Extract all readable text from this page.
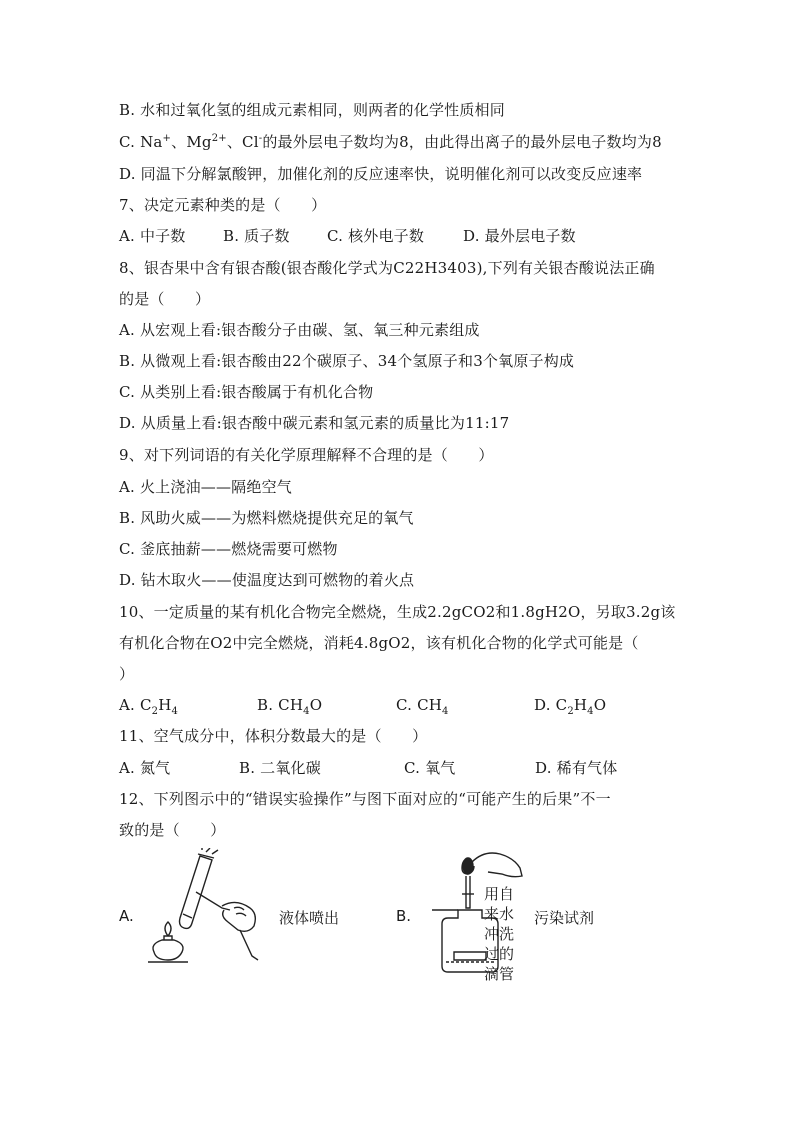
B. 水和过氧化氢的组成元素相同，则两者的化学性质相同
C. Na+、$Mg^{2+}$、Cl-的最外层电子数均为8，由此得出离子的最外层电子数均为8
D. 同温下分解氯酸钾，加催化剂的反应速率快，说明催化剂可以改变反应速率
7、决定元素种类的是（　　）
A. 中子数 B. 质子数 C. 核外电子数	D. 最外层电子数
8、银杏果中含有银杏酸(银杏酸化学式为C22H3403),下列有关银杏酸说法正确
的是（　　）
A. 从宏观上看:银杏酸分子由碳、氢、氧三种元素组成
B. 从微观上看:银杏酸由22个碳原子、34个氢原子和3个氧原子构成
C. 从类别上看:银杏酸属于有机化合物
D. 从质量上看:银杏酸中碳元素和氢元素的质量比为11:17
9、对下列词语的有关化学原理解释不合理的是（　　）
A. 火上浇油——隔绝空气
B. 风助火威——为燃料燃烧提供充足的氧气
C. 釜底抽薪——燃烧需要可燃物
D. 钻木取火——使温度达到可燃物的着火点
10、一定质量的某有机化合物完全燃烧，生成2.2gCO2和1.8gH2O，另取3.2g该
有机化合物在O2中完全燃烧，消耗4.8gO2，该有机化合物的化学式可能是（
）
A. $C_2H_4$	B. $CH_4O$	C. $CH_4$	D. $C_2H_4O$
11、空气成分中，体积分数最大的是（　　）
A. 氮气	B. 二氧化碳	C. 氧气	D. 稀有气体
12、下列图示中的“错误实验操作”与图下面对应的“可能产生的后果”不一
致的是（　　）
A.	液体喷出	B.
用自
来水
冲洗
过的
滴管
污染试剂
